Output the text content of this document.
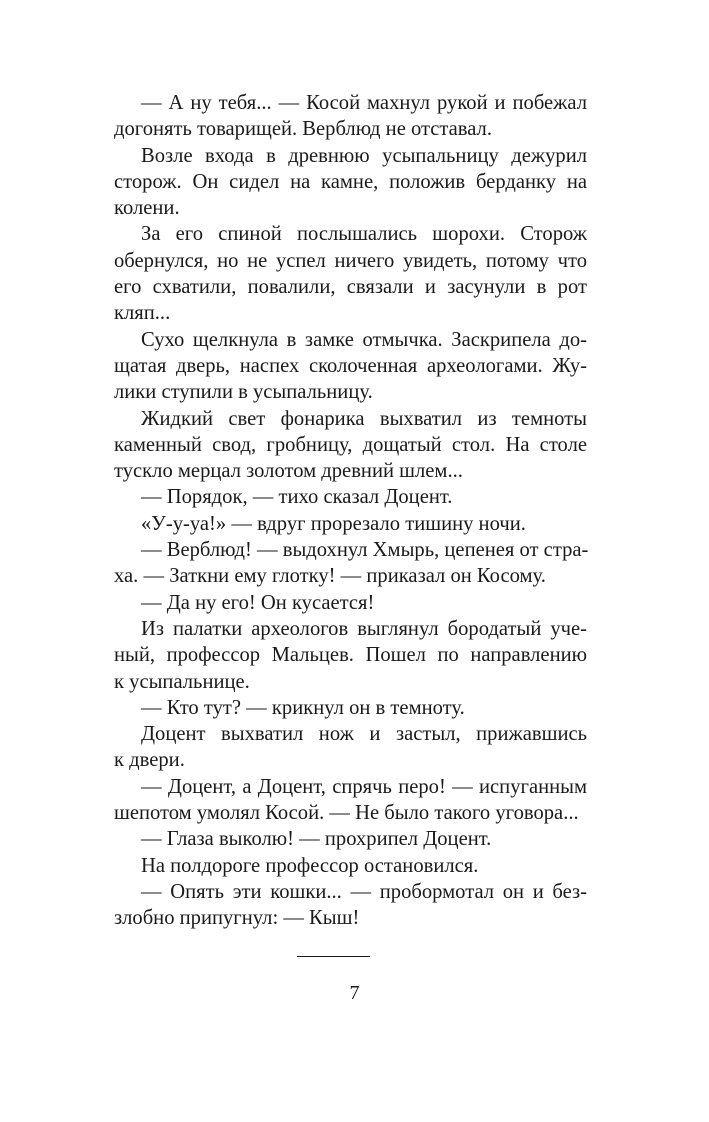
— А ну тебя... — Косой махнул рукой и побежал
догонять товарищей. Верблюд не отставал.
Возле входа в древнюю усыпальницу дежурил
сторож. Он сидел на камне, положив берданку на
колени.
За его спиной послышались шорохи. Сторож
обернулся, но не успел ничего увидеть, потому что
его схватили, повалили, связали и засунули в рот
кляп...
Сухо щелкнула в замке отмычка. Заскрипела до-
щатая дверь, наспех сколоченная археологами. Жу-
лики ступили в усыпальницу.
Жидкий свет фонарика выхватил из темноты
каменный свод, гробницу, дощатый стол. На столе
тускло мерцал золотом древний шлем...
— Порядок, — тихо сказал Доцент.
«У-у-уа!» — вдруг прорезало тишину ночи.
— Верблюд! — выдохнул Хмырь, цепенея от стра-
ха. — Заткни ему глотку! — приказал он Косому.
— Да ну его! Он кусается!
Из палатки археологов выглянул бородатый уче-
ный, профессор Мальцев. Пошел по направлению
к усыпальнице.
— Кто тут? — крикнул он в темноту.
Доцент выхватил нож и застыл, прижавшись
к двери.
— Доцент, а Доцент, спрячь перо! — испуганным
шепотом умолял Косой. — Не было такого уговора...
— Глаза выколю! — прохрипел Доцент.
На полдороге профессор остановился.
— Опять эти кошки... — пробормотал он и без-
злобно припугнул: — Кыш!
7
